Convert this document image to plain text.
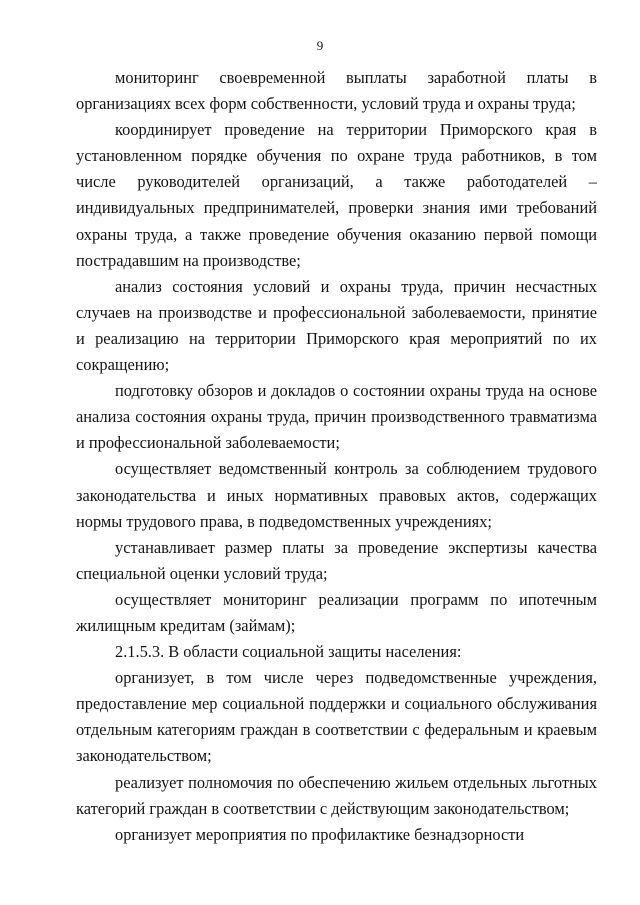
9

мониторинг своевременной выплаты заработной платы в организациях всех форм собственности, условий труда и охраны труда;

координирует проведение на территории Приморского края в установленном порядке обучения по охране труда работников, в том числе руководителей организаций, а также работодателей – индивидуальных предпринимателей, проверки знания ими требований охраны труда, а также проведение обучения оказанию первой помощи пострадавшим на производстве;

анализ состояния условий и охраны труда, причин несчастных случаев на производстве и профессиональной заболеваемости, принятие и реализацию на территории Приморского края мероприятий по их сокращению;

подготовку обзоров и докладов о состоянии охраны труда на основе анализа состояния охраны труда, причин производственного травматизма и профессиональной заболеваемости;

осуществляет ведомственный контроль за соблюдением трудового законодательства и иных нормативных правовых актов, содержащих нормы трудового права, в подведомственных учреждениях;

устанавливает размер платы за проведение экспертизы качества специальной оценки условий труда;

осуществляет мониторинг реализации программ по ипотечным жилищным кредитам (займам);

2.1.5.3. В области социальной защиты населения:

организует, в том числе через подведомственные учреждения, предоставление мер социальной поддержки и социального обслуживания отдельным категориям граждан в соответствии с федеральным и краевым законодательством;

реализует полномочия по обеспечению жильем отдельных льготных категорий граждан в соответствии с действующим законодательством;

организует мероприятия по профилактике безнадзорности
